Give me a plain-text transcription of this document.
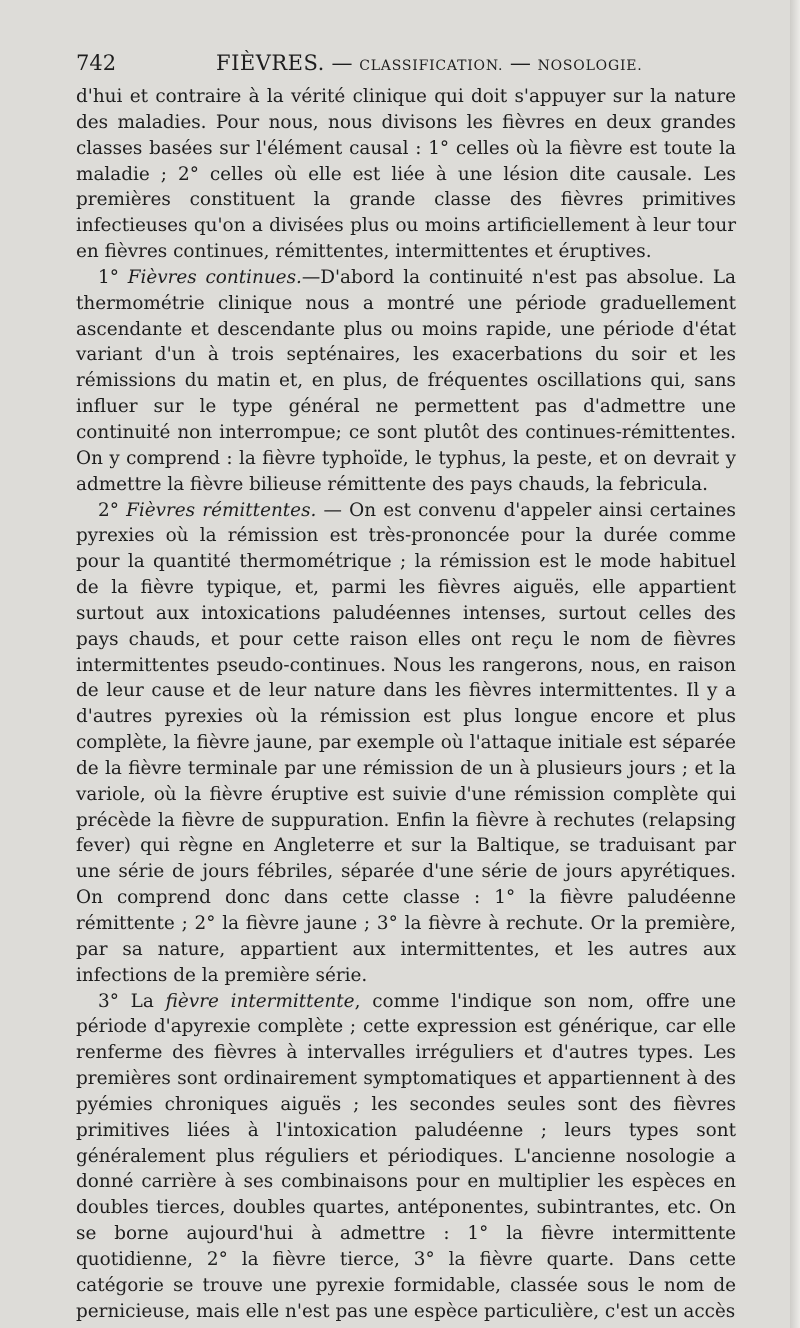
742	FIÈVRES. — CLASSIFICATION. — NOSOLOGIE.

d'hui et contraire à la vérité clinique qui doit s'appuyer sur la nature des maladies. Pour nous, nous divisons les fièvres en deux grandes classes basées sur l'élément causal : 1° celles où la fièvre est toute la maladie ; 2° celles où elle est liée à une lésion dite causale. Les premières constituent la grande classe des fièvres primitives infectieuses qu'on a divisées plus ou moins artificiellement à leur tour en fièvres continues, rémittentes, intermittentes et éruptives.

1° Fièvres continues.—D'abord la continuité n'est pas absolue. La thermométrie clinique nous a montré une période graduellement ascendante et descendante plus ou moins rapide, une période d'état variant d'un à trois septénaires, les exacerbations du soir et les rémissions du matin et, en plus, de fréquentes oscillations qui, sans influer sur le type général ne permettent pas d'admettre une continuité non interrompue; ce sont plutôt des continues-rémittentes. On y comprend : la fièvre typhoïde, le typhus, la peste, et on devrait y admettre la fièvre bilieuse rémittente des pays chauds, la febricula.

2° Fièvres rémittentes. — On est convenu d'appeler ainsi certaines pyrexies où la rémission est très-prononcée pour la durée comme pour la quantité thermométrique ; la rémission est le mode habituel de la fièvre typique, et, parmi les fièvres aiguës, elle appartient surtout aux intoxications paludéennes intenses, surtout celles des pays chauds, et pour cette raison elles ont reçu le nom de fièvres intermittentes pseudo-continues. Nous les rangerons, nous, en raison de leur cause et de leur nature dans les fièvres intermittentes. Il y a d'autres pyrexies où la rémission est plus longue encore et plus complète, la fièvre jaune, par exemple où l'attaque initiale est séparée de la fièvre terminale par une rémission de un à plusieurs jours ; et la variole, où la fièvre éruptive est suivie d'une rémission complète qui précède la fièvre de suppuration. Enfin la fièvre à rechutes (relapsing fever) qui règne en Angleterre et sur la Baltique, se traduisant par une série de jours fébriles, séparée d'une série de jours apyrétiques. On comprend donc dans cette classe : 1° la fièvre paludéenne rémittente ; 2° la fièvre jaune ; 3° la fièvre à rechute. Or la première, par sa nature, appartient aux intermittentes, et les autres aux infections de la première série.

3° La fièvre intermittente, comme l'indique son nom, offre une période d'apyrexie complète ; cette expression est générique, car elle renferme des fièvres à intervalles irréguliers et d'autres types. Les premières sont ordinairement symptomatiques et appartiennent à des pyémies chroniques aiguës ; les secondes seules sont des fièvres primitives liées à l'intoxication paludéenne ; leurs types sont généralement plus réguliers et périodiques. L'ancienne nosologie a donné carrière à ses combinaisons pour en multiplier les espèces en doubles tierces, doubles quartes, antéponentes, subintrantes, etc. On se borne aujourd'hui à admettre : 1° la fièvre intermittente quotidienne, 2° la fièvre tierce, 3° la fièvre quarte. Dans cette catégorie se trouve une pyrexie formidable, classée sous le nom de pernicieuse, mais elle n'est pas une espèce particulière, c'est un accès
